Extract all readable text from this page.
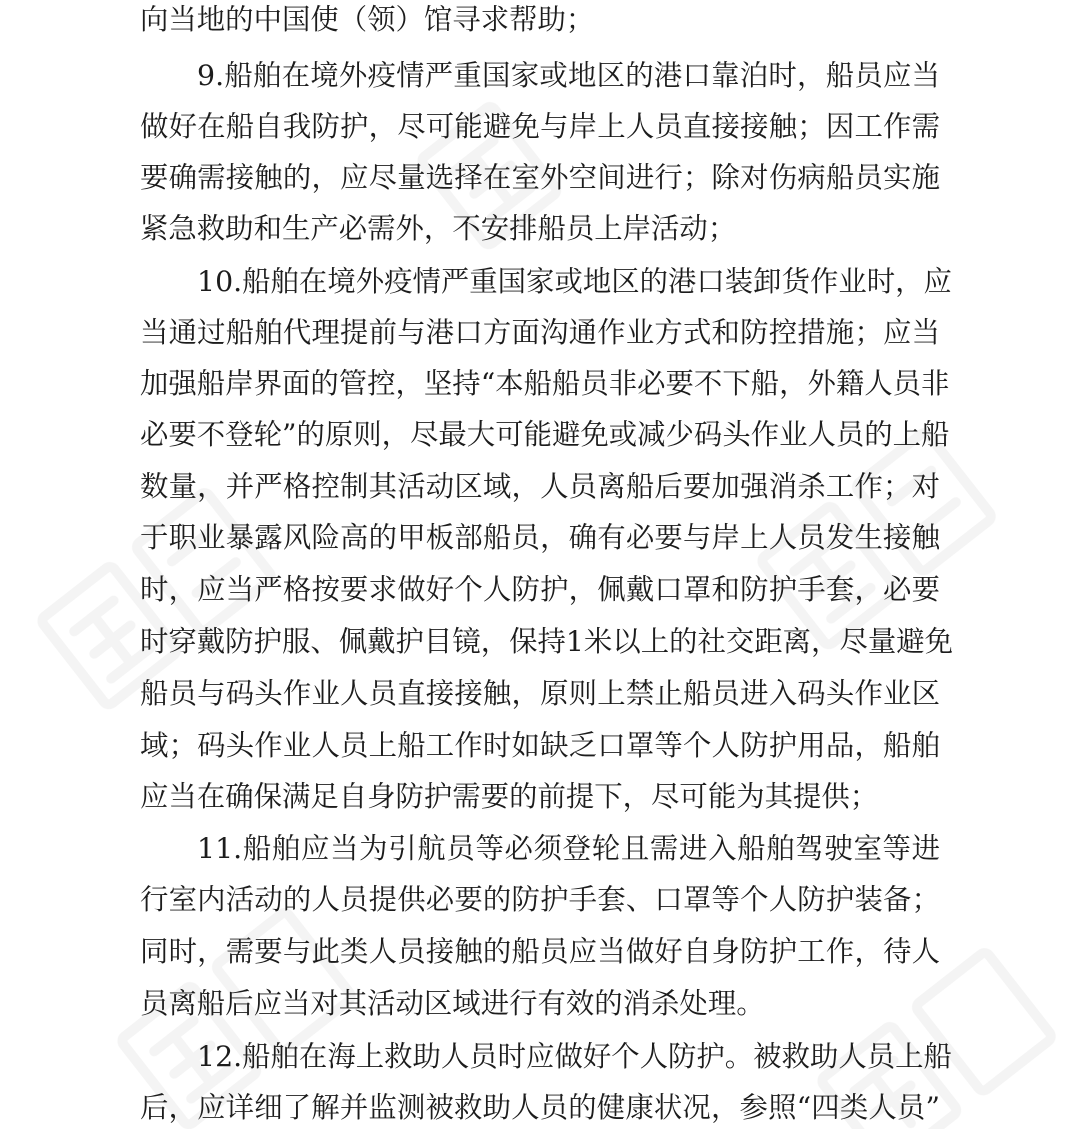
向当地的中国使（领）馆寻求帮助；
9.船舶在境外疫情严重国家或地区的港口靠泊时，船员应当
做好在船自我防护，尽可能避免与岸上人员直接接触；因工作需
要确需接触的，应尽量选择在室外空间进行；除对伤病船员实施
紧急救助和生产必需外，不安排船员上岸活动；
10.船舶在境外疫情严重国家或地区的港口装卸货作业时，应
当通过船舶代理提前与港口方面沟通作业方式和防控措施；应当
加强船岸界面的管控，坚持“本船船员非必要不下船，外籍人员非
必要不登轮”的原则，尽最大可能避免或减少码头作业人员的上船
数量，并严格控制其活动区域，人员离船后要加强消杀工作；对
于职业暴露风险高的甲板部船员，确有必要与岸上人员发生接触
时，应当严格按要求做好个人防护，佩戴口罩和防护手套，必要
时穿戴防护服、佩戴护目镜，保持1米以上的社交距离，尽量避免
船员与码头作业人员直接接触，原则上禁止船员进入码头作业区
域；码头作业人员上船工作时如缺乏口罩等个人防护用品，船舶
应当在确保满足自身防护需要的前提下，尽可能为其提供；
11.船舶应当为引航员等必须登轮且需进入船舶驾驶室等进
行室内活动的人员提供必要的防护手套、口罩等个人防护装备；
同时，需要与此类人员接触的船员应当做好自身防护工作，待人
员离船后应当对其活动区域进行有效的消杀处理。
12.船舶在海上救助人员时应做好个人防护。被救助人员上船
后，应详细了解并监测被救助人员的健康状况，参照“四类人员”
